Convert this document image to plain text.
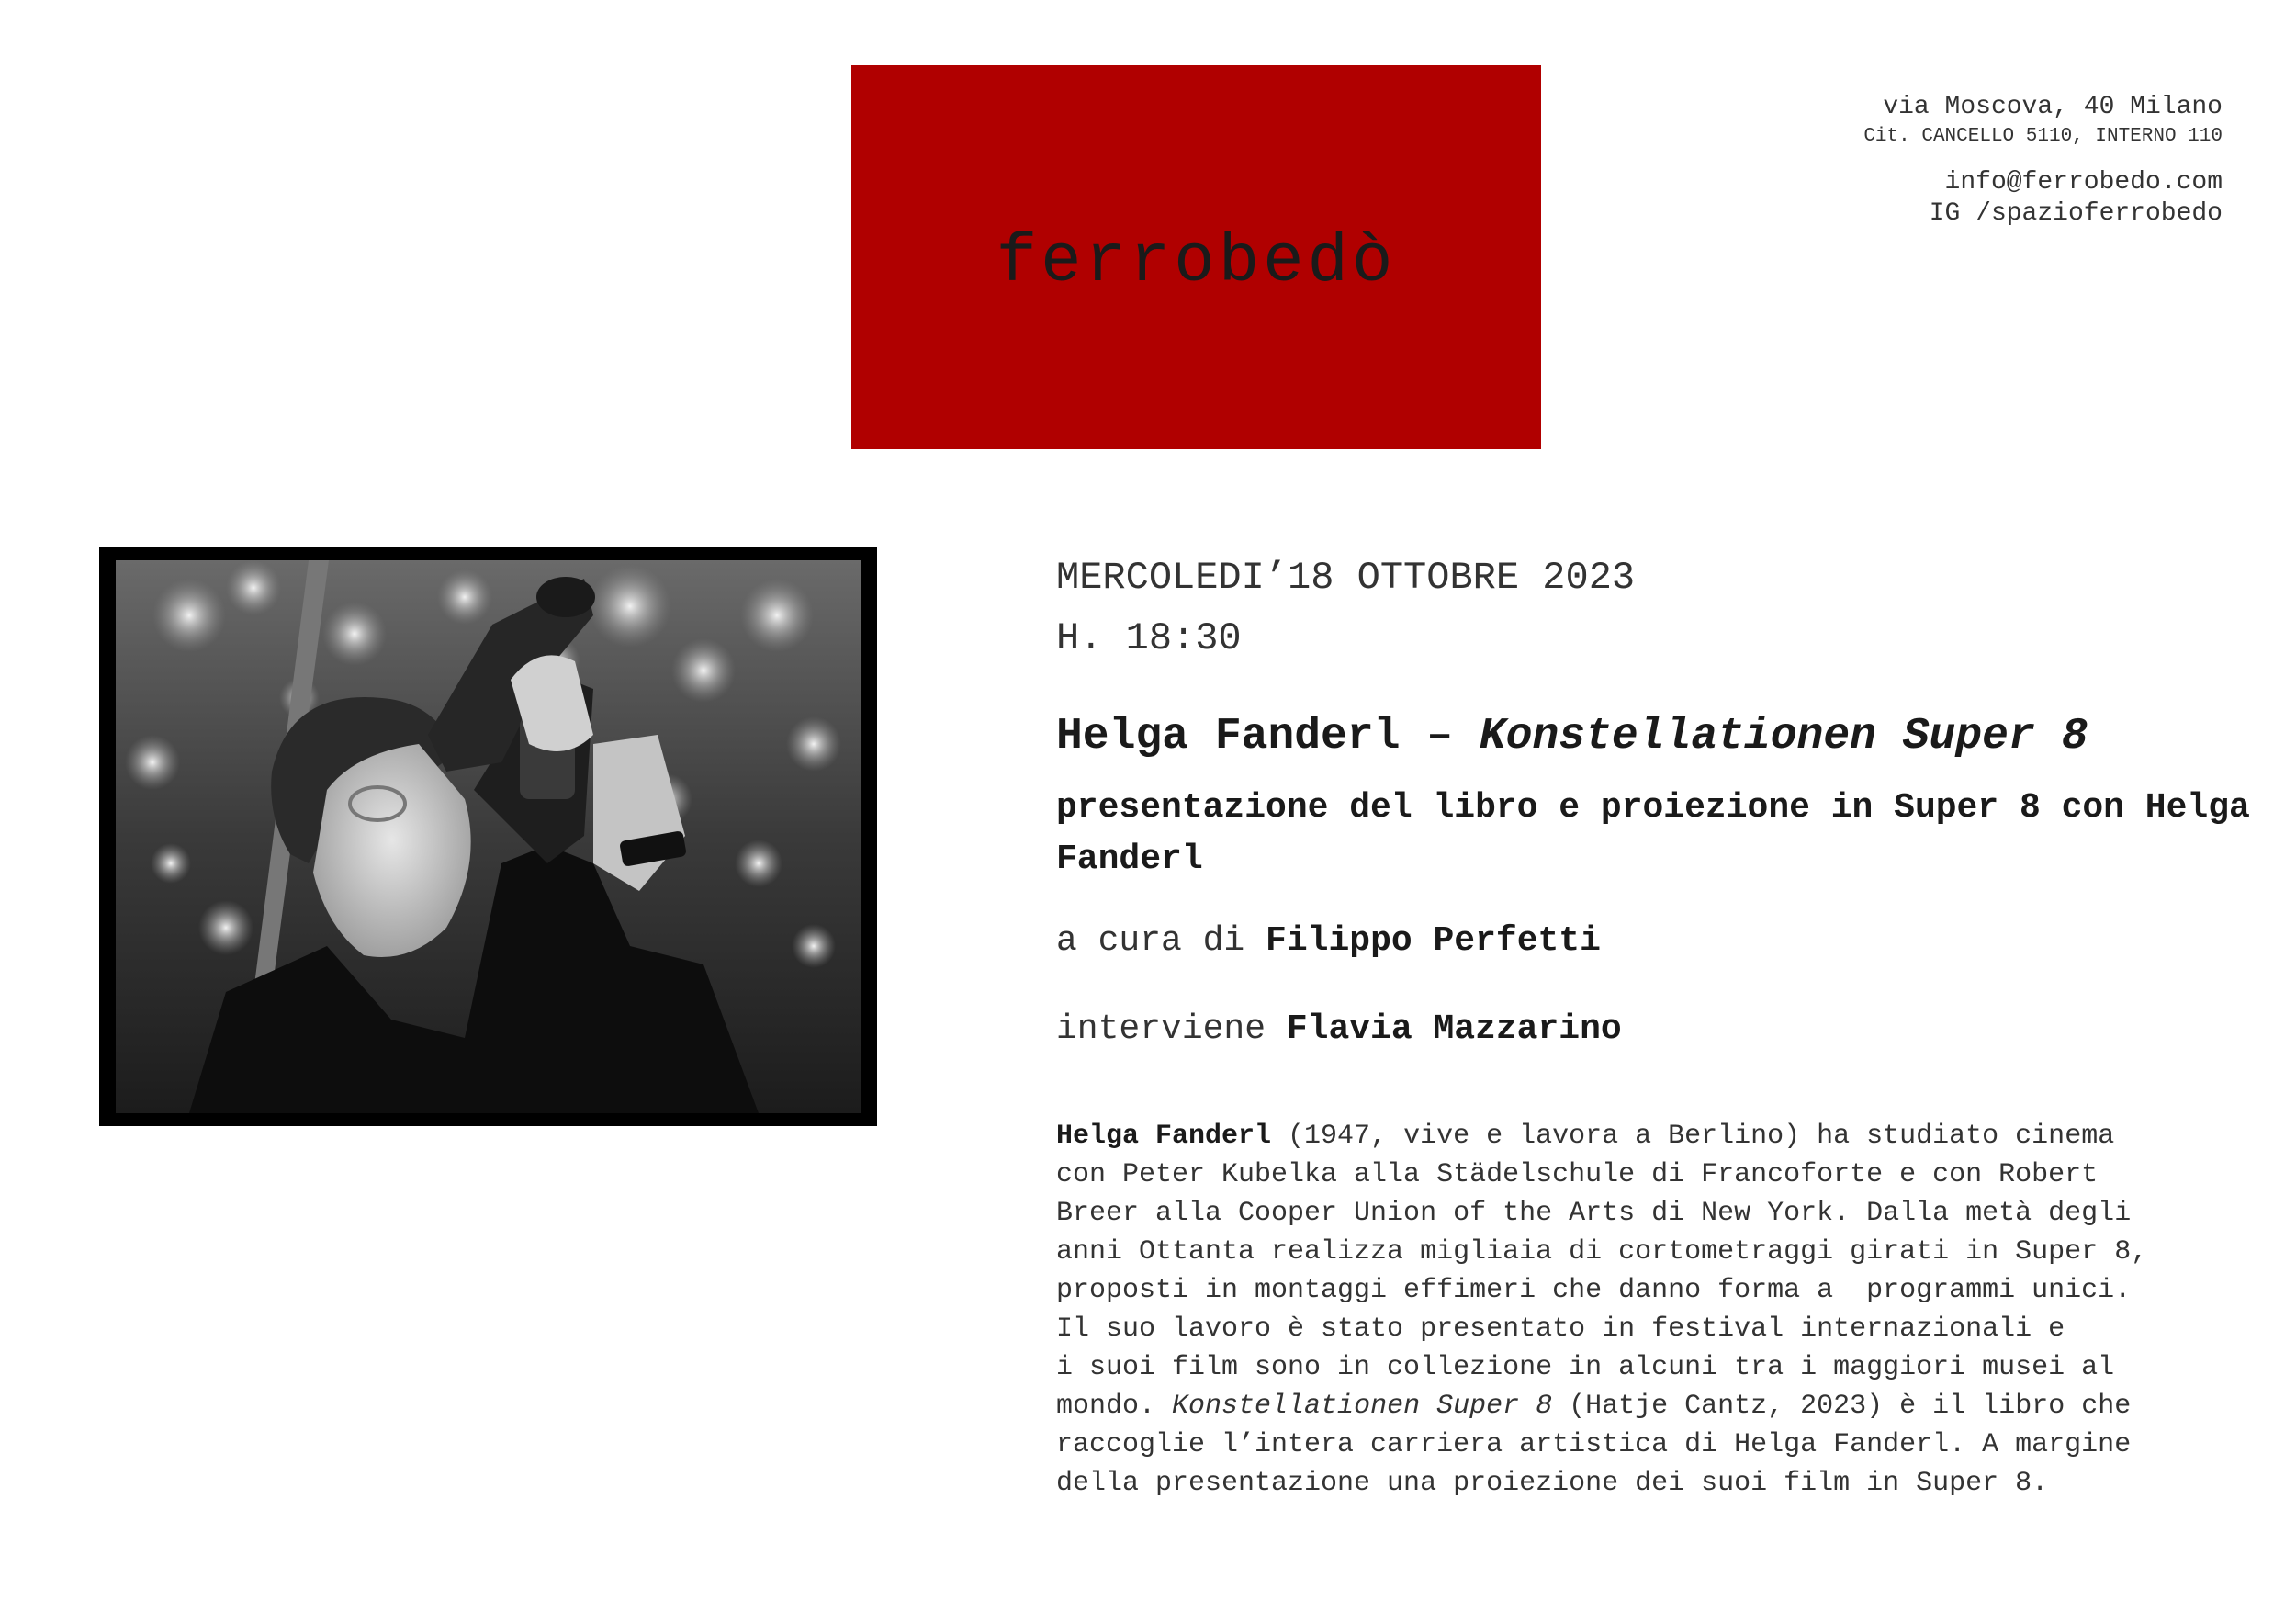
ferrobedò
via Moscova, 40 Milano
Cit. CANCELLO 5110, INTERNO 110
info@ferrobedo.com
IG /spazioferrobedo
MERCOLEDI’18 OTTOBRE 2023
H. 18:30
Helga Fanderl – Konstellationen Super 8
presentazione del libro e proiezione in Super 8 con Helga Fanderl
a cura di Filippo Perfetti
interviene Flavia Mazzarino
Helga Fanderl (1947, vive e lavora a Berlino) ha studiato cinema
con Peter Kubelka alla Städelschule di Francoforte e con Robert
Breer alla Cooper Union of the Arts di New York. Dalla metà degli
anni Ottanta realizza migliaia di cortometraggi girati in Super 8,
proposti in montaggi effimeri che danno forma a  programmi unici.
Il suo lavoro è stato presentato in festival internazionali e
i suoi film sono in collezione in alcuni tra i maggiori musei al
mondo. Konstellationen Super 8 (Hatje Cantz, 2023) è il libro che
raccoglie l’intera carriera artistica di Helga Fanderl. A margine
della presentazione una proiezione dei suoi film in Super 8.
